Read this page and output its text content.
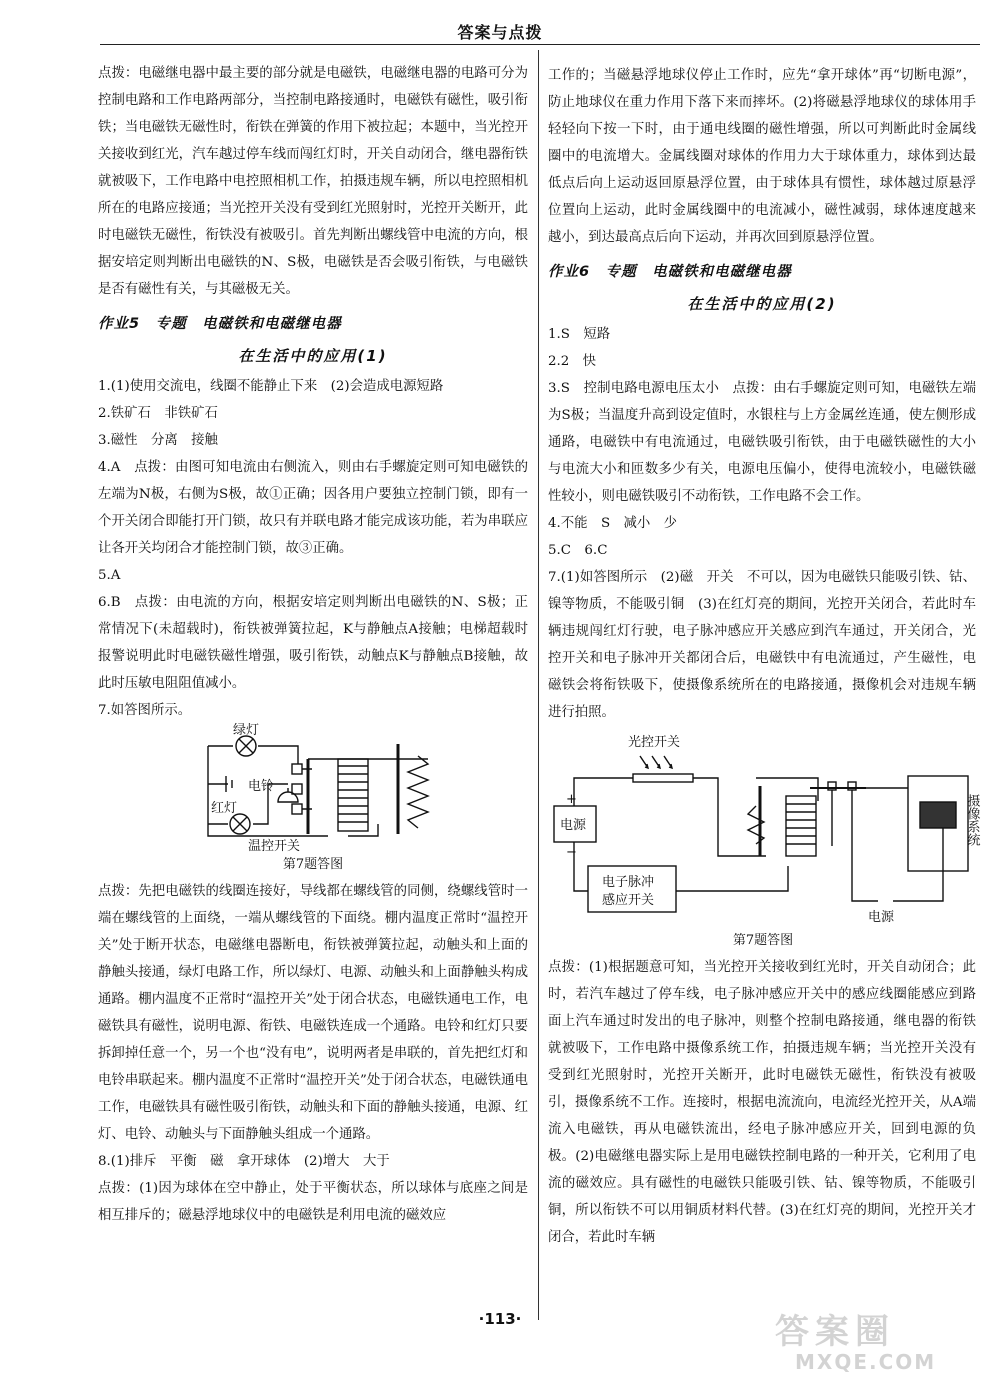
答案与点拨

点拨：电磁继电器中最主要的部分就是电磁铁，电磁继电器的电路可分为控制电路和工作电路两部分，当控制电路接通时，电磁铁有磁性，吸引衔铁；当电磁铁无磁性时，衔铁在弹簧的作用下被拉起；本题中，当光控开关接收到红光，汽车越过停车线而闯红灯时，开关自动闭合，继电器衔铁就被吸下，工作电路中电控照相机工作，拍摄违规车辆，所以电控照相机所在的电路应接通；当光控开关没有受到红光照射时，光控开关断开，此时电磁铁无磁性，衔铁没有被吸引。首先判断出螺线管中电流的方向，根据安培定则判断出电磁铁的N、S极，电磁铁是否会吸引衔铁，与电磁铁是否有磁性有关，与其磁极无关。

作业5　专题　电磁铁和电磁继电器
在生活中的应用(1)

1.(1)使用交流电，线圈不能静止下来　(2)会造成电源短路

2.铁矿石　非铁矿石

3.磁性　分离　接触

4.A　点拨：由图可知电流由右侧流入，则由右手螺旋定则可知电磁铁的左端为N极，右侧为S极，故①正确；因各用户要独立控制门锁，即有一个开关闭合即能打开门锁，故只有并联电路才能完成该功能，若为串联应让各开关均闭合才能控制门锁，故③正确。

5.A

6.B　点拨：由电流的方向，根据安培定则判断出电磁铁的N、S极；正常情况下(未超载时)，衔铁被弹簧拉起，K与静触点A接触；电梯超载时报警说明此时电磁铁磁性增强，吸引衔铁，动触点K与静触点B接触，故此时压敏电阻阻值减小。

7.如答图所示。

绿灯
电铃
红灯
温控开关
第7题答图

点拨：先把电磁铁的线圈连接好，导线都在螺线管的同侧，绕螺线管时一端在螺线管的上面绕，一端从螺线管的下面绕。棚内温度正常时“温控开关”处于断开状态，电磁继电器断电，衔铁被弹簧拉起，动触头和上面的静触头接通，绿灯电路工作，所以绿灯、电源、动触头和上面静触头构成通路。棚内温度不正常时“温控开关”处于闭合状态，电磁铁通电工作，电磁铁具有磁性，说明电源、衔铁、电磁铁连成一个通路。电铃和红灯只要拆卸掉任意一个，另一个也“没有电”，说明两者是串联的，首先把红灯和电铃串联起来。棚内温度不正常时“温控开关”处于闭合状态，电磁铁通电工作，电磁铁具有磁性吸引衔铁，动触头和下面的静触头接通，电源、红灯、电铃、动触头与下面静触头组成一个通路。

8.(1)排斥　平衡　磁　拿开球体　(2)增大　大于

点拨：(1)因为球体在空中静止，处于平衡状态，所以球体与底座之间是相互排斥的；磁悬浮地球仪中的电磁铁是利用电流的磁效应

工作的；当磁悬浮地球仪停止工作时，应先“拿开球体”再“切断电源”，防止地球仪在重力作用下落下来而摔坏。(2)将磁悬浮地球仪的球体用手轻轻向下按一下时，由于通电线圈的磁性增强，所以可判断此时金属线圈中的电流增大。金属线圈对球体的作用力大于球体重力，球体到达最低点后向上运动返回原悬浮位置，由于球体具有惯性，球体越过原悬浮位置向上运动，此时金属线圈中的电流减小，磁性减弱，球体速度越来越小，到达最高点后向下运动，并再次回到原悬浮位置。

作业6　专题　电磁铁和电磁继电器
在生活中的应用(2)

1.S　短路

2.2　快

3.S　控制电路电源电压太小　点拨：由右手螺旋定则可知，电磁铁左端为S极；当温度升高到设定值时，水银柱与上方金属丝连通，使左侧形成通路，电磁铁中有电流通过，电磁铁吸引衔铁，由于电磁铁磁性的大小与电流大小和匝数多少有关，电源电压偏小，使得电流较小，电磁铁磁性较小，则电磁铁吸引不动衔铁，工作电路不会工作。

4.不能　S　减小　少

5.C　6.C

7.(1)如答图所示　(2)磁　开关　不可以，因为电磁铁只能吸引铁、钴、镍等物质，不能吸引铜　(3)在红灯亮的期间，光控开关闭合，若此时车辆违规闯红灯行驶，电子脉冲感应开关感应到汽车通过，开关闭合，光控开关和电子脉冲开关都闭合后，电磁铁中有电流通过，产生磁性，电磁铁会将衔铁吸下，使摄像系统所在的电路接通，摄像机会对违规车辆进行拍照。

光控开关
电源
+
−
电子脉冲
感应开关
电源
摄像系统
第7题答图

点拨：(1)根据题意可知，当光控开关接收到红光时，开关自动闭合；此时，若汽车越过了停车线，电子脉冲感应开关中的感应线圈能感应到路面上汽车通过时发出的电子脉冲，则整个控制电路接通，继电器的衔铁就被吸下，工作电路中摄像系统工作，拍摄违规车辆；当光控开关没有受到红光照射时，光控开关断开，此时电磁铁无磁性，衔铁没有被吸引，摄像系统不工作。连接时，根据电流流向，电流经光控开关，从A端流入电磁铁，再从电磁铁流出，经电子脉冲感应开关，回到电源的负极。(2)电磁继电器实际上是用电磁铁控制电路的一种开关，它利用了电流的磁效应。具有磁性的电磁铁只能吸引铁、钴、镍等物质，不能吸引铜，所以衔铁不可以用铜质材料代替。(3)在红灯亮的期间，光控开关才闭合，若此时车辆

·113·	答案圈
MXQE.COM
